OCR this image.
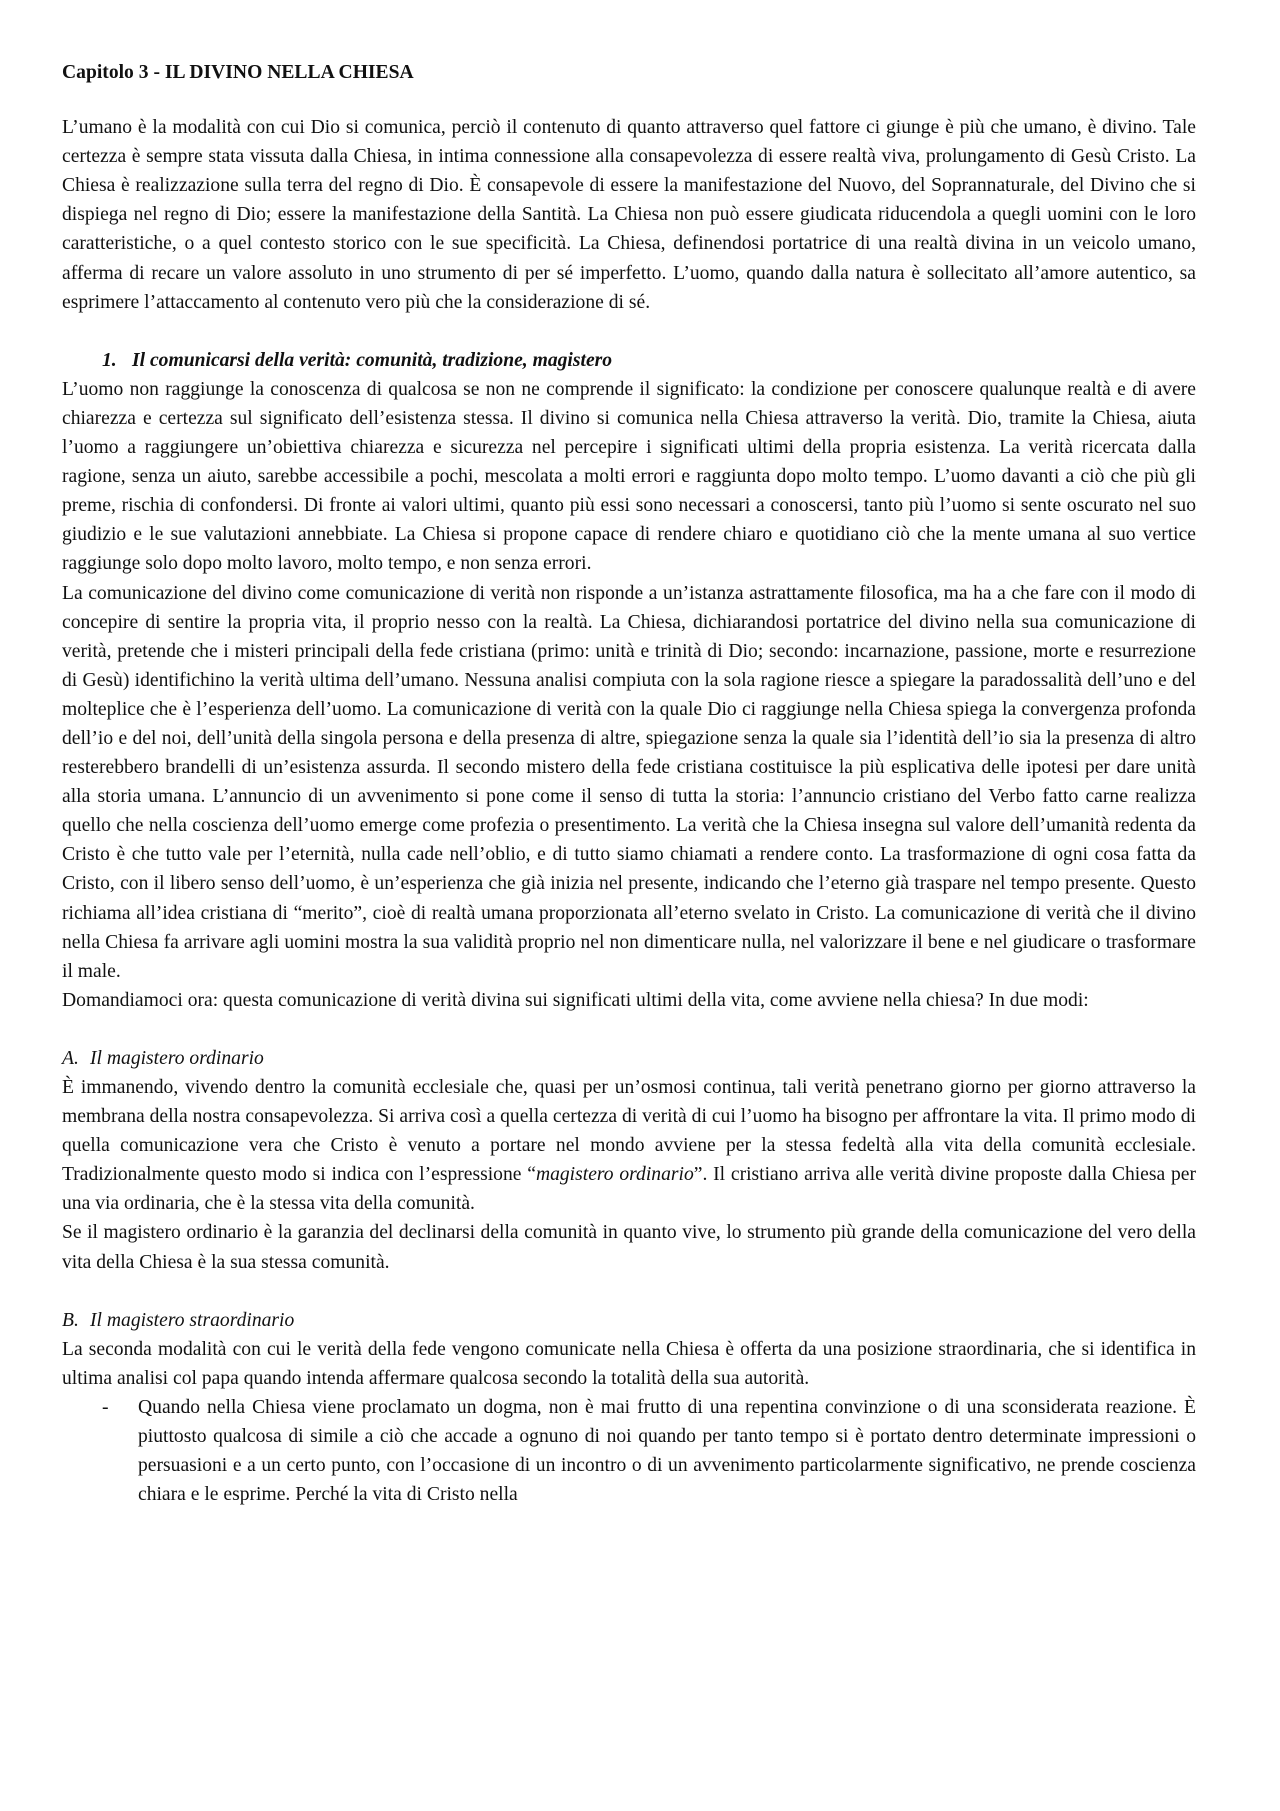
Capitolo 3 - IL DIVINO NELLA CHIESA

L’umano è la modalità con cui Dio si comunica, perciò il contenuto di quanto attraverso quel fattore ci giunge è più che umano, è divino. Tale certezza è sempre stata vissuta dalla Chiesa, in intima connessione alla consapevolezza di essere realtà viva, prolungamento di Gesù Cristo. La Chiesa è realizzazione sulla terra del regno di Dio. È consapevole di essere la manifestazione del Nuovo, del Soprannaturale, del Divino che si dispiega nel regno di Dio; essere la manifestazione della Santità. La Chiesa non può essere giudicata riducendola a quegli uomini con le loro caratteristiche, o a quel contesto storico con le sue specificità. La Chiesa, definendosi portatrice di una realtà divina in un veicolo umano, afferma di recare un valore assoluto in uno strumento di per sé imperfetto. L’uomo, quando dalla natura è sollecitato all’amore autentico, sa esprimere l’attaccamento al contenuto vero più che la considerazione di sé.

1. Il comunicarsi della verità: comunità, tradizione, magistero

L’uomo non raggiunge la conoscenza di qualcosa se non ne comprende il significato: la condizione per conoscere qualunque realtà e di avere chiarezza e certezza sul significato dell’esistenza stessa. Il divino si comunica nella Chiesa attraverso la verità. Dio, tramite la Chiesa, aiuta l’uomo a raggiungere un’obiettiva chiarezza e sicurezza nel percepire i significati ultimi della propria esistenza. La verità ricercata dalla ragione, senza un aiuto, sarebbe accessibile a pochi, mescolata a molti errori e raggiunta dopo molto tempo. L’uomo davanti a ciò che più gli preme, rischia di confondersi. Di fronte ai valori ultimi, quanto più essi sono necessari a conoscersi, tanto più l’uomo si sente oscurato nel suo giudizio e le sue valutazioni annebbiate. La Chiesa si propone capace di rendere chiaro e quotidiano ciò che la mente umana al suo vertice raggiunge solo dopo molto lavoro, molto tempo, e non senza errori.

La comunicazione del divino come comunicazione di verità non risponde a un’istanza astrattamente filosofica, ma ha a che fare con il modo di concepire di sentire la propria vita, il proprio nesso con la realtà. La Chiesa, dichiarandosi portatrice del divino nella sua comunicazione di verità, pretende che i misteri principali della fede cristiana (primo: unità e trinità di Dio; secondo: incarnazione, passione, morte e resurrezione di Gesù) identifichino la verità ultima dell’umano. Nessuna analisi compiuta con la sola ragione riesce a spiegare la paradossalità dell’uno e del molteplice che è l’esperienza dell’uomo. La comunicazione di verità con la quale Dio ci raggiunge nella Chiesa spiega la convergenza profonda dell’io e del noi, dell’unità della singola persona e della presenza di altre, spiegazione senza la quale sia l’identità dell’io sia la presenza di altro resterebbero brandelli di un’esistenza assurda. Il secondo mistero della fede cristiana costituisce la più esplicativa delle ipotesi per dare unità alla storia umana. L’annuncio di un avvenimento si pone come il senso di tutta la storia: l’annuncio cristiano del Verbo fatto carne realizza quello che nella coscienza dell’uomo emerge come profezia o presentimento. La verità che la Chiesa insegna sul valore dell’umanità redenta da Cristo è che tutto vale per l’eternità, nulla cade nell’oblio, e di tutto siamo chiamati a rendere conto. La trasformazione di ogni cosa fatta da Cristo, con il libero senso dell’uomo, è un’esperienza che già inizia nel presente, indicando che l’eterno già traspare nel tempo presente. Questo richiama all’idea cristiana di “merito”, cioè di realtà umana proporzionata all’eterno svelato in Cristo. La comunicazione di verità che il divino nella Chiesa fa arrivare agli uomini mostra la sua validità proprio nel non dimenticare nulla, nel valorizzare il bene e nel giudicare o trasformare il male.

Domandiamoci ora: questa comunicazione di verità divina sui significati ultimi della vita, come avviene nella chiesa? In due modi:

A. Il magistero ordinario

È immanendo, vivendo dentro la comunità ecclesiale che, quasi per un’osmosi continua, tali verità penetrano giorno per giorno attraverso la membrana della nostra consapevolezza. Si arriva così a quella certezza di verità di cui l’uomo ha bisogno per affrontare la vita. Il primo modo di quella comunicazione vera che Cristo è venuto a portare nel mondo avviene per la stessa fedeltà alla vita della comunità ecclesiale. Tradizionalmente questo modo si indica con l’espressione “magistero ordinario”. Il cristiano arriva alle verità divine proposte dalla Chiesa per una via ordinaria, che è la stessa vita della comunità.

Se il magistero ordinario è la garanzia del declinarsi della comunità in quanto vive, lo strumento più grande della comunicazione del vero della vita della Chiesa è la sua stessa comunità.

B. Il magistero straordinario

La seconda modalità con cui le verità della fede vengono comunicate nella Chiesa è offerta da una posizione straordinaria, che si identifica in ultima analisi col papa quando intenda affermare qualcosa secondo la totalità della sua autorità.

- Quando nella Chiesa viene proclamato un dogma, non è mai frutto di una repentina convinzione o di una sconsiderata reazione. È piuttosto qualcosa di simile a ciò che accade a ognuno di noi quando per tanto tempo si è portato dentro determinate impressioni o persuasioni e a un certo punto, con l’occasione di un incontro o di un avvenimento particolarmente significativo, ne prende coscienza chiara e le esprime. Perché la vita di Cristo nella
